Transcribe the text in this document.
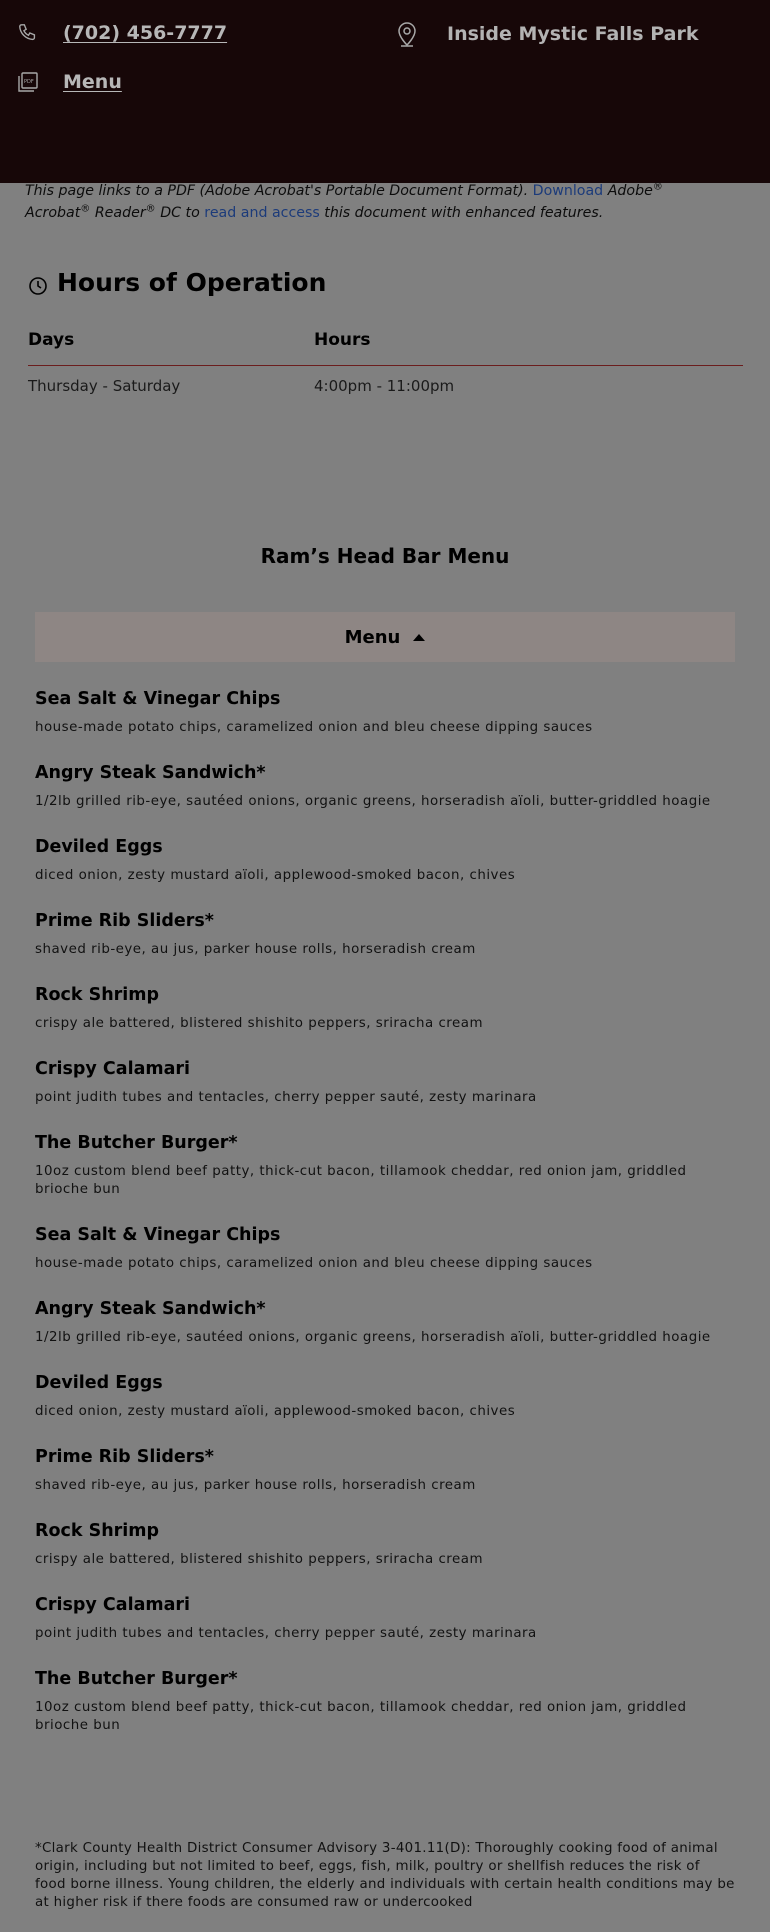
(702) 456-7777	Inside Mystic Falls Park
PDF Menu
This page links to a PDF (Adobe Acrobat's Portable Document Format). Download Adobe® Acrobat® Reader® DC to read and access this document with enhanced features.
Hours of Operation
Days	Hours
Thursday - Saturday	4:00pm - 11:00pm
Ram’s Head Bar Menu
Menu
Sea Salt & Vinegar Chips
house-made potato chips, caramelized onion and bleu cheese dipping sauces
Angry Steak Sandwich*
1/2lb grilled rib-eye, sautéed onions, organic greens, horseradish aïoli, butter-griddled hoagie
Deviled Eggs
diced onion, zesty mustard aïoli, applewood-smoked bacon, chives
Prime Rib Sliders*
shaved rib-eye, au jus, parker house rolls, horseradish cream
Rock Shrimp
crispy ale battered, blistered shishito peppers, sriracha cream
Crispy Calamari
point judith tubes and tentacles, cherry pepper sauté, zesty marinara
The Butcher Burger*
10oz custom blend beef patty, thick-cut bacon, tillamook cheddar, red onion jam, griddled brioche bun
Sea Salt & Vinegar Chips
house-made potato chips, caramelized onion and bleu cheese dipping sauces
Angry Steak Sandwich*
1/2lb grilled rib-eye, sautéed onions, organic greens, horseradish aïoli, butter-griddled hoagie
Deviled Eggs
diced onion, zesty mustard aïoli, applewood-smoked bacon, chives
Prime Rib Sliders*
shaved rib-eye, au jus, parker house rolls, horseradish cream
Rock Shrimp
crispy ale battered, blistered shishito peppers, sriracha cream
Crispy Calamari
point judith tubes and tentacles, cherry pepper sauté, zesty marinara
The Butcher Burger*
10oz custom blend beef patty, thick-cut bacon, tillamook cheddar, red onion jam, griddled brioche bun
*Clark County Health District Consumer Advisory 3-401.11(D): Thoroughly cooking food of animal origin, including but not limited to beef, eggs, fish, milk, poultry or shellfish reduces the risk of food borne illness. Young children, the elderly and individuals with certain health conditions may be at higher risk if there foods are consumed raw or undercooked
